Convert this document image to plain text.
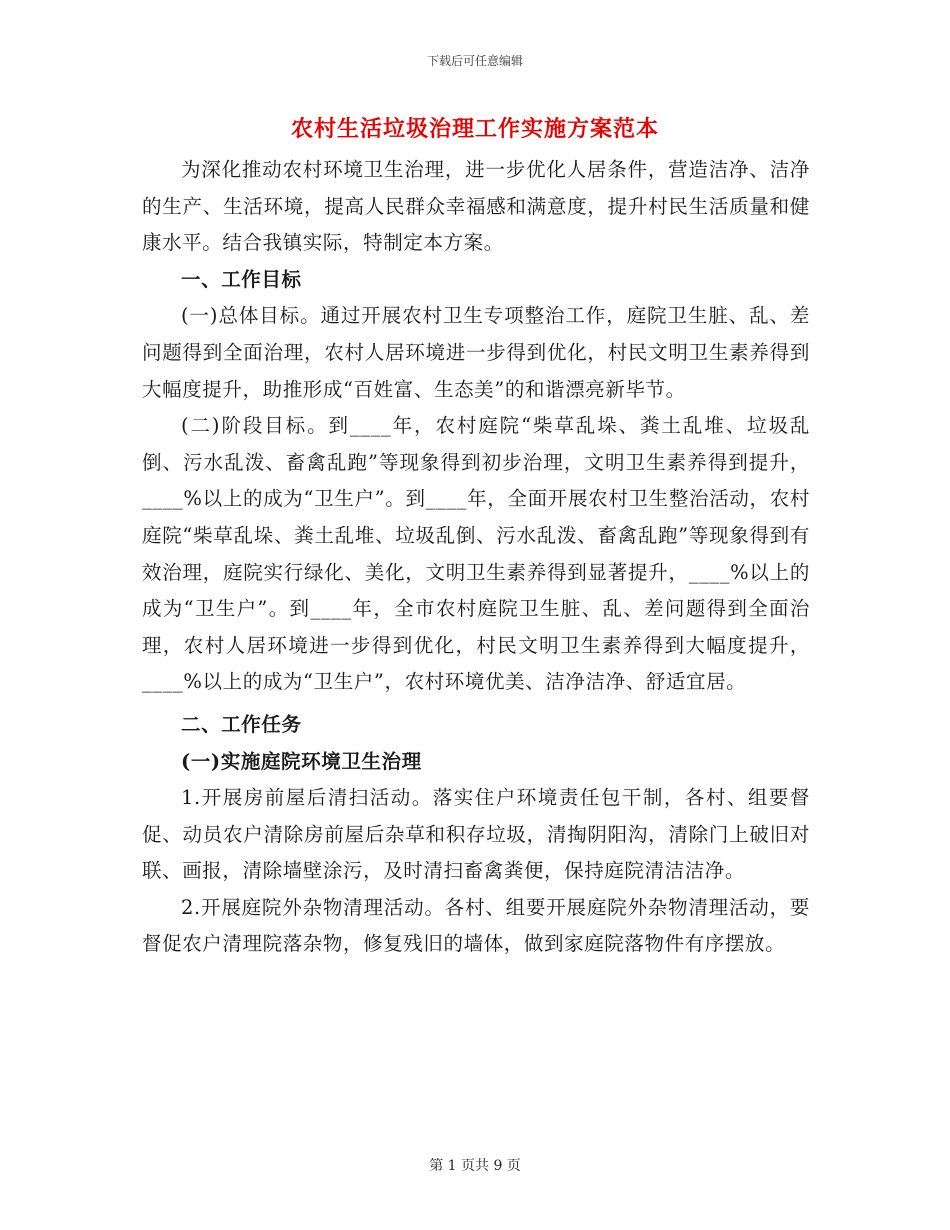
下载后可任意编辑
农村生活垃圾治理工作实施方案范本

为深化推动农村环境卫生治理，进一步优化人居条件，营造洁净、洁净的生产、生活环境，提高人民群众幸福感和满意度，提升村民生活质量和健康水平。结合我镇实际，特制定本方案。

一、工作目标

(一)总体目标。通过开展农村卫生专项整治工作，庭院卫生脏、乱、差问题得到全面治理，农村人居环境进一步得到优化，村民文明卫生素养得到大幅度提升，助推形成“百姓富、生态美”的和谐漂亮新毕节。

(二)阶段目标。到____年，农村庭院“柴草乱垛、粪土乱堆、垃圾乱倒、污水乱泼、畜禽乱跑”等现象得到初步治理，文明卫生素养得到提升，____%以上的成为“卫生户”。到____年，全面开展农村卫生整治活动，农村庭院“柴草乱垛、粪土乱堆、垃圾乱倒、污水乱泼、畜禽乱跑”等现象得到有效治理，庭院实行绿化、美化，文明卫生素养得到显著提升，____%以上的成为“卫生户”。到____年，全市农村庭院卫生脏、乱、差问题得到全面治理，农村人居环境进一步得到优化，村民文明卫生素养得到大幅度提升，____%以上的成为“卫生户”，农村环境优美、洁净洁净、舒适宜居。

二、工作任务

(一)实施庭院环境卫生治理

1.开展房前屋后清扫活动。落实住户环境责任包干制，各村、组要督促、动员农户清除房前屋后杂草和积存垃圾，清掏阴阳沟，清除门上破旧对联、画报，清除墙壁涂污，及时清扫畜禽粪便，保持庭院清洁洁净。

2.开展庭院外杂物清理活动。各村、组要开展庭院外杂物清理活动，要督促农户清理院落杂物，修复残旧的墙体，做到家庭院落物件有序摆放。

第 1 页共 9 页
